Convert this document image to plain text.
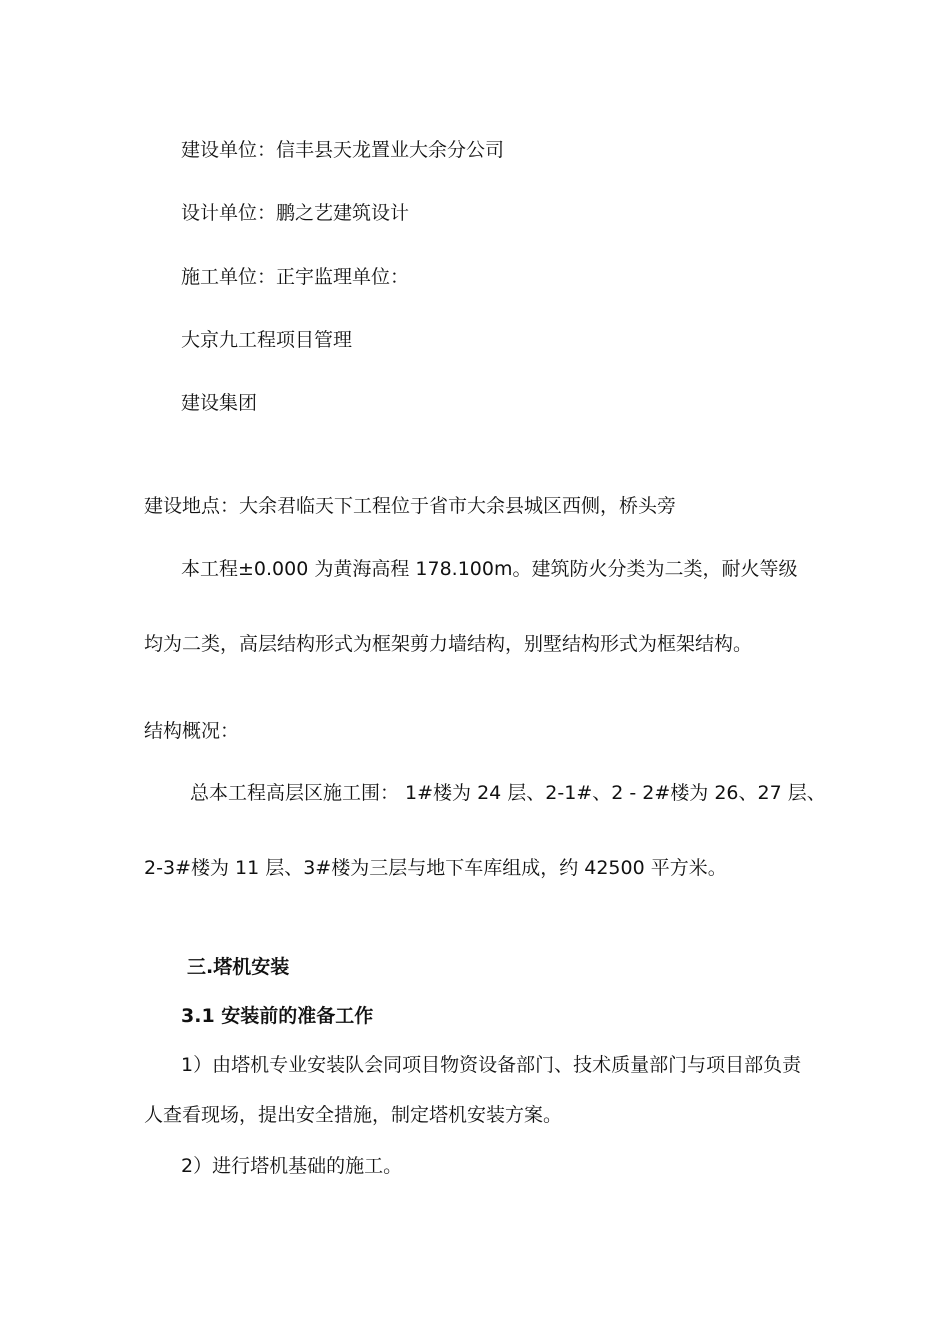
建设单位：信丰县天龙置业大余分公司
设计单位：鹏之艺建筑设计
施工单位：正宇监理单位：
大京九工程项目管理
建设集团
建设地点：大余君临天下工程位于省市大余县城区西侧，桥头旁
本工程±0.000 为黄海高程 178.100m。建筑防火分类为二类，耐火等级
均为二类，高层结构形式为框架剪力墙结构，别墅结构形式为框架结构。
结构概况：
总本工程高层区施工围： 1#楼为 24 层、2-1#、2 - 2#楼为 26、27 层、
2-3#楼为 11 层、3#楼为三层与地下车库组成，约 42500 平方米。
三.塔机安装
3.1 安装前的准备工作
1）由塔机专业安装队会同项目物资设备部门、技术质量部门与项目部负责
人查看现场，提出安全措施，制定塔机安装方案。
2）进行塔机基础的施工。
